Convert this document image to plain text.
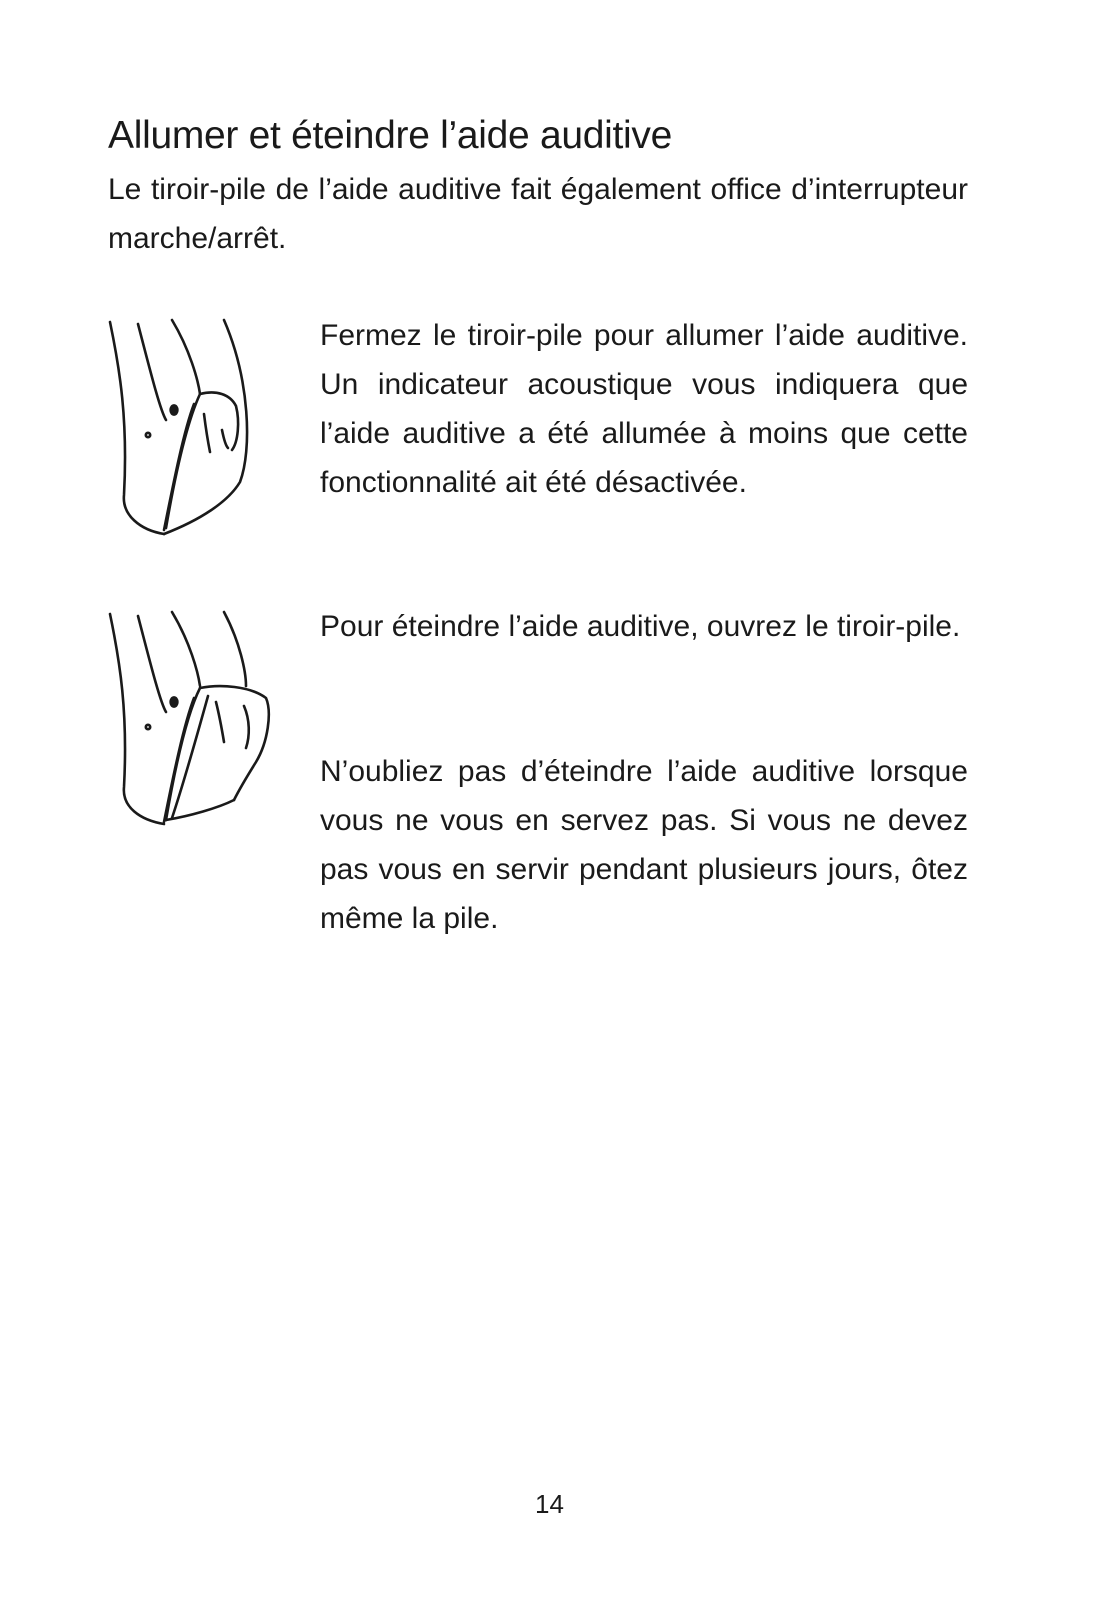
Allumer et éteindre l’aide auditive

Le tiroir-pile de l’aide auditive fait également office d’interrupteur marche/arrêt.

Fermez le tiroir-pile pour allumer l’aide auditive. Un indicateur acoustique vous indiquera que l’aide auditive a été allumée à moins que cette fonctionnalité ait été désactivée.

Pour éteindre l’aide auditive, ouvrez le tiroir-pile.

N’oubliez pas d’éteindre l’aide auditive lorsque vous ne vous en servez pas. Si vous ne devez pas vous en servir pendant plusieurs jours, ôtez même la pile.

14
